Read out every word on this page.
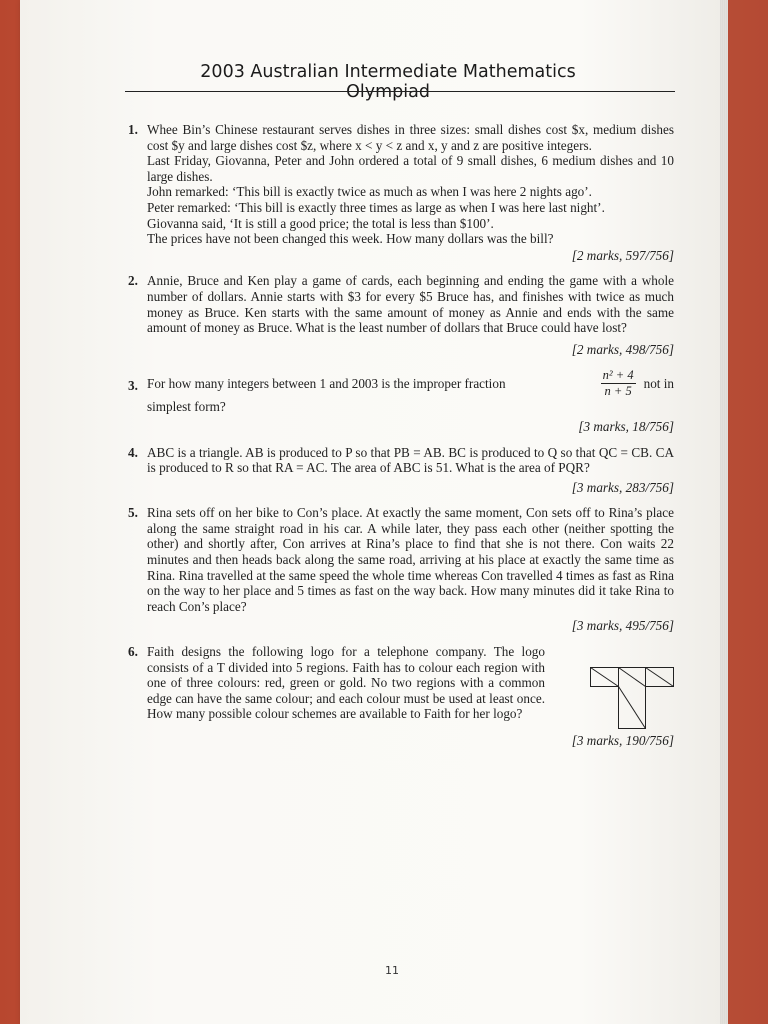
2003 Australian Intermediate Mathematics Olympiad
1. Whee Bin’s Chinese restaurant serves dishes in three sizes: small dishes cost $x, medium dishes cost $y and large dishes cost $z, where x < y < z and x, y and z are positive integers.
Last Friday, Giovanna, Peter and John ordered a total of 9 small dishes, 6 medium dishes and 10 large dishes.
John remarked: ‘This bill is exactly twice as much as when I was here 2 nights ago’.
Peter remarked: ‘This bill is exactly three times as large as when I was here last night’.
Giovanna said, ‘It is still a good price; the total is less than $100’.
The prices have not been changed this week. How many dollars was the bill?
[2 marks, 597/756]
2. Annie, Bruce and Ken play a game of cards, each beginning and ending the game with a whole number of dollars. Annie starts with $3 for every $5 Bruce has, and finishes with twice as much money as Bruce. Ken starts with the same amount of money as Annie and ends with the same amount of money as Bruce. What is the least number of dollars that Bruce could have lost?
[2 marks, 498/756]
3. For how many integers between 1 and 2003 is the improper fraction	$\frac{\text{n² + 4}}{n + 5}$ not in
simplest form?
[3 marks, 18/756]
4. ABC is a triangle. AB is produced to P so that PB = AB. BC is produced to Q so that QC = CB. CA is produced to R so that RA = AC. The area of ABC is 51. What is the area of PQR?
[3 marks, 283/756]
5. Rina sets off on her bike to Con’s place. At exactly the same moment, Con sets off to Rina’s place along the same straight road in his car. A while later, they pass each other (neither spotting the other) and shortly after, Con arrives at Rina’s place to find that she is not there. Con waits 22 minutes and then heads back along the same road, arriving at his place at exactly the same time as Rina. Rina travelled at the same speed the whole time whereas Con travelled 4 times as fast as Rina on the way to her place and 5 times as fast on the way back. How many minutes did it take Rina to reach Con’s place?
[3 marks, 495/756]
6. Faith designs the following logo for a telephone company. The logo consists of a T divided into 5 regions. Faith has to colour each region with one of three colours: red, green or gold. No two regions with a common edge can have the same colour; and each colour must be used at least once. How many possible colour schemes are available to Faith for her logo?
[3 marks, 190/756]
11
